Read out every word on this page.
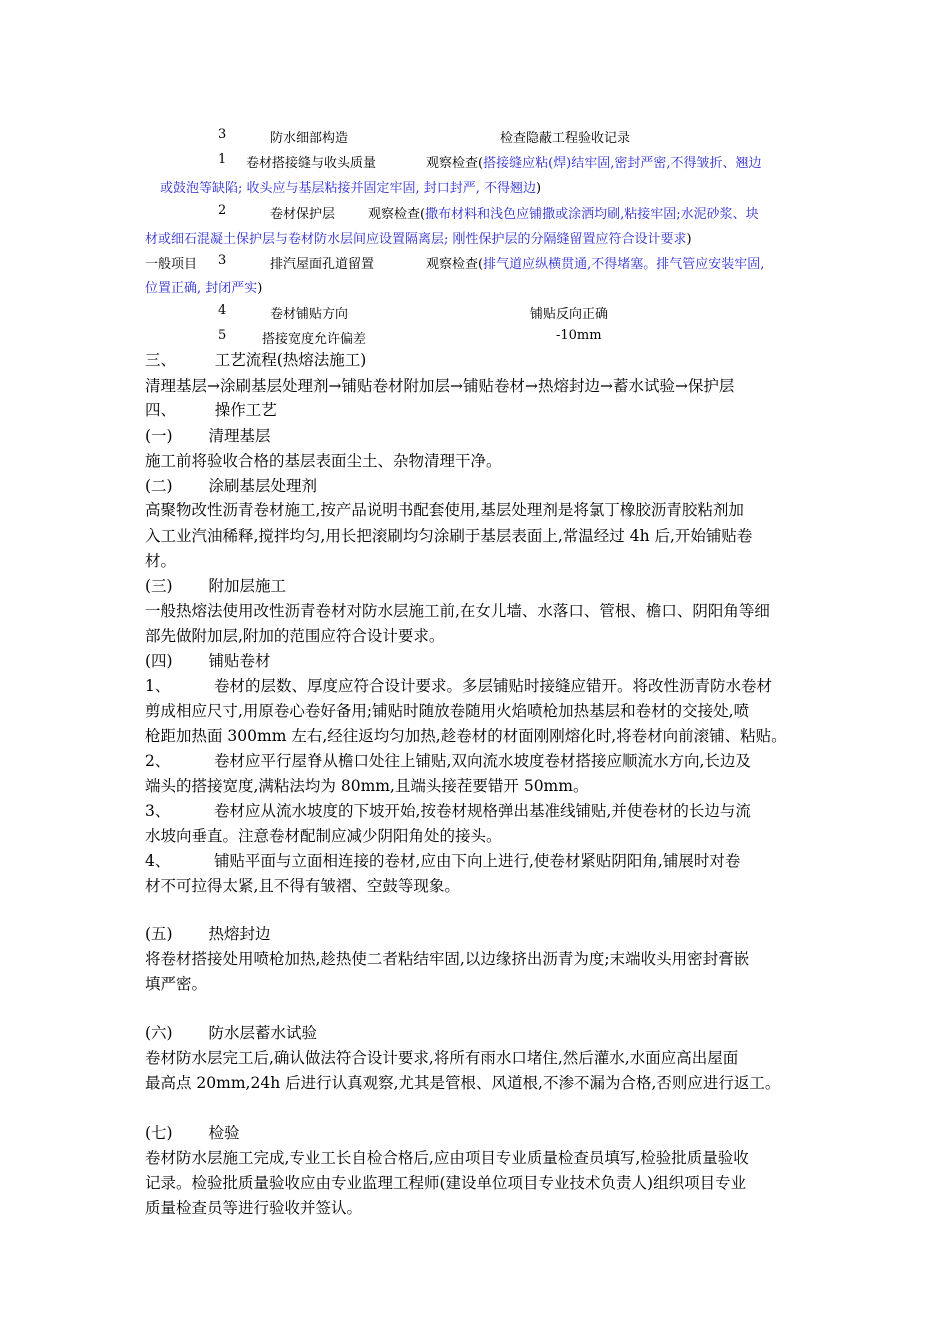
3	防水细部构造	检查隐蔽工程验收记录
1 卷材搭接缝与收头质量	观察检查(搭接缝应粘(焊)结牢固,密封严密,不得皱折、翘边
或鼓泡等缺陷; 收头应与基层粘接并固定牢固, 封口封严, 不得翘边)
2	卷材保护层	观察检查(撒布材料和浅色应铺撒或涂洒均刷,粘接牢固;水泥砂浆、块
材或细石混凝土保护层与卷材防水层间应设置隔离层; 刚性保护层的分隔缝留置应符合设计要求)
一般项目 3	排汽屋面孔道留置	观察检查(排气道应纵横贯通,不得堵塞。排气管应安装牢固,
位置正确, 封闭严实)
4	卷材铺贴方向	铺贴反向正确
5	搭接宽度允许偏差	-10mm
三、　　　工艺流程(热熔法施工)
清理基层→涂刷基层处理剂→铺贴卷材附加层→铺贴卷材→热熔封边→蓄水试验→保护层
四、　　　操作工艺
(一)　　 清理基层
施工前将验收合格的基层表面尘土、杂物清理干净。
(二)　　 涂刷基层处理剂
高聚物改性沥青卷材施工,按产品说明书配套使用,基层处理剂是将氯丁橡胶沥青胶粘剂加
入工业汽油稀释,搅拌均匀,用长把滚刷均匀涂刷于基层表面上,常温经过 4h 后,开始铺贴卷
材。
(三)　　 附加层施工
一般热熔法使用改性沥青卷材对防水层施工前,在女儿墙、水落口、管根、檐口、阴阳角等细
部先做附加层,附加的范围应符合设计要求。
(四)　　 铺贴卷材
1、　　　 卷材的层数、厚度应符合设计要求。多层铺贴时接缝应错开。将改性沥青防水卷材
剪成相应尺寸,用原卷心卷好备用;铺贴时随放卷随用火焰喷枪加热基层和卷材的交接处,喷
枪距加热面 300mm 左右,经往返均匀加热,趁卷材的材面刚刚熔化时,将卷材向前滚铺、粘贴。
2、　　　 卷材应平行屋脊从檐口处往上铺贴,双向流水坡度卷材搭接应顺流水方向,长边及
端头的搭接宽度,满粘法均为 80mm,且端头接茬要错开 50mm。
3、　　　 卷材应从流水坡度的下坡开始,按卷材规格弹出基准线铺贴,并使卷材的长边与流
水坡向垂直。注意卷材配制应减少阴阳角处的接头。
4、　　　 铺贴平面与立面相连接的卷材,应由下向上进行,使卷材紧贴阴阳角,铺展时对卷
材不可拉得太紧,且不得有皱褶、空鼓等现象。
(五)　　 热熔封边
将卷材搭接处用喷枪加热,趁热使二者粘结牢固,以边缘挤出沥青为度;末端收头用密封膏嵌
填严密。
(六)　　 防水层蓄水试验
卷材防水层完工后,确认做法符合设计要求,将所有雨水口堵住,然后灌水,水面应高出屋面
最高点 20mm,24h 后进行认真观察,尤其是管根、风道根,不渗不漏为合格,否则应进行返工。
(七)　　 检验
卷材防水层施工完成,专业工长自检合格后,应由项目专业质量检查员填写,检验批质量验收
记录。检验批质量验收应由专业监理工程师(建设单位项目专业技术负责人)组织项目专业
质量检查员等进行验收并签认。
